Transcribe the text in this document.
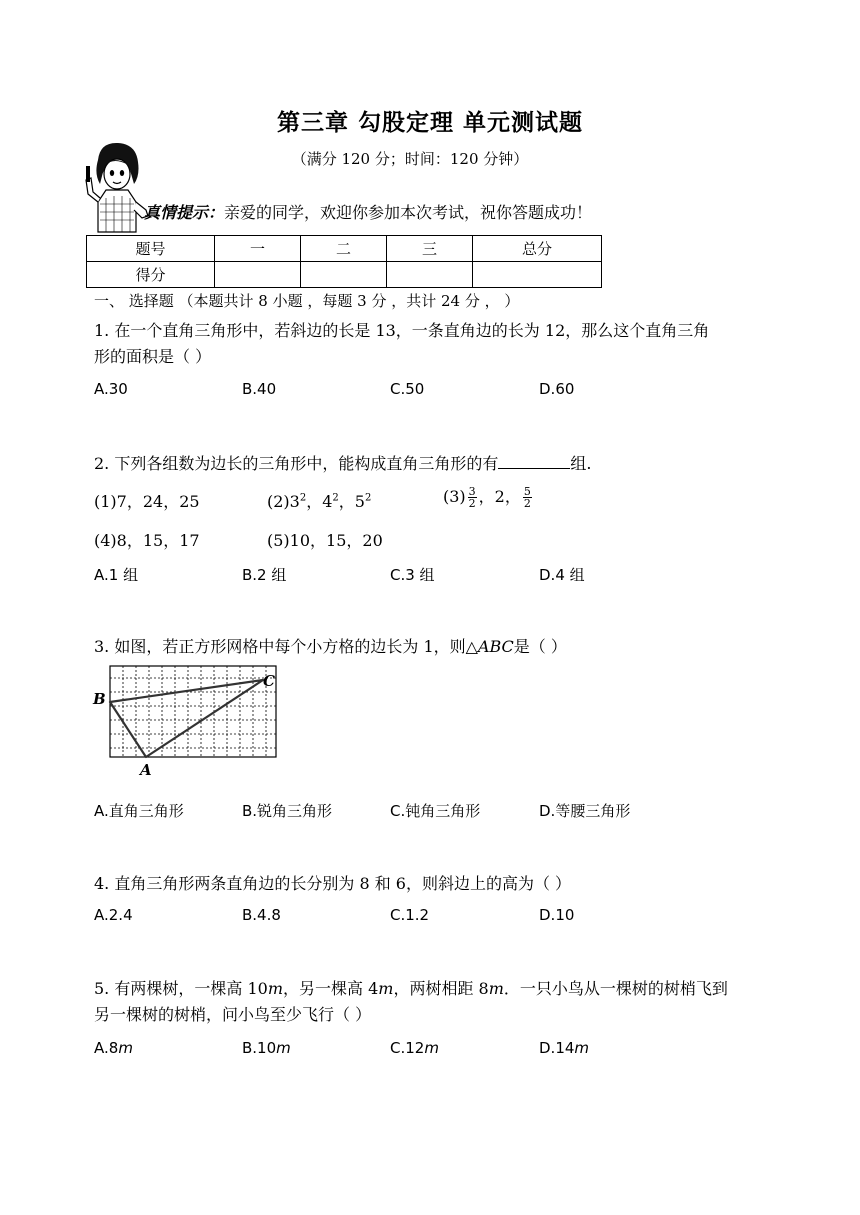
第三章 勾股定理 单元测试题
（满分 120 分；时间：120 分钟）
真情提示：亲爱的同学，欢迎你参加本次考试，祝你答题成功！
题号	一	二	三	总分
得分				
一、 选择题 （本题共计 8 小题 ，每题 3 分 ，共计 24 分 ， ）
1. 在一个直角三角形中，若斜边的长是 13，一条直角边的长为 12，那么这个直角三角
形的面积是（ ）
A.30	B.40	C.50	D.60
2. 下列各组数为边长的三角形中，能构成直角三角形的有	组.
(1)7，24，25	$(2)3^2$，$4^2$，$5^2$	$(3) \frac{3}{2}$ ，2， $\frac{5}{2}$
(4)8，15，17	(5)10，15，20
A.1 组	B.2 组	C.3 组	D.4 组
3. 如图，若正方形网格中每个小方格的边长为 1，则△ABC是（ ）
B
C
A
A.直角三角形	B.锐角三角形	C.钝角三角形	D.等腰三角形
4. 直角三角形两条直角边的长分别为 8 和 6，则斜边上的高为（ ）
A.2.4	B.4.8	C.1.2	D.10
5. 有两棵树，一棵高 10m，另一棵高 4m，两树相距 8m．一只小鸟从一棵树的树梢飞到
另一棵树的树梢，问小鸟至少飞行（ ）
A.8m	B.10m	C.12m	D.14m
